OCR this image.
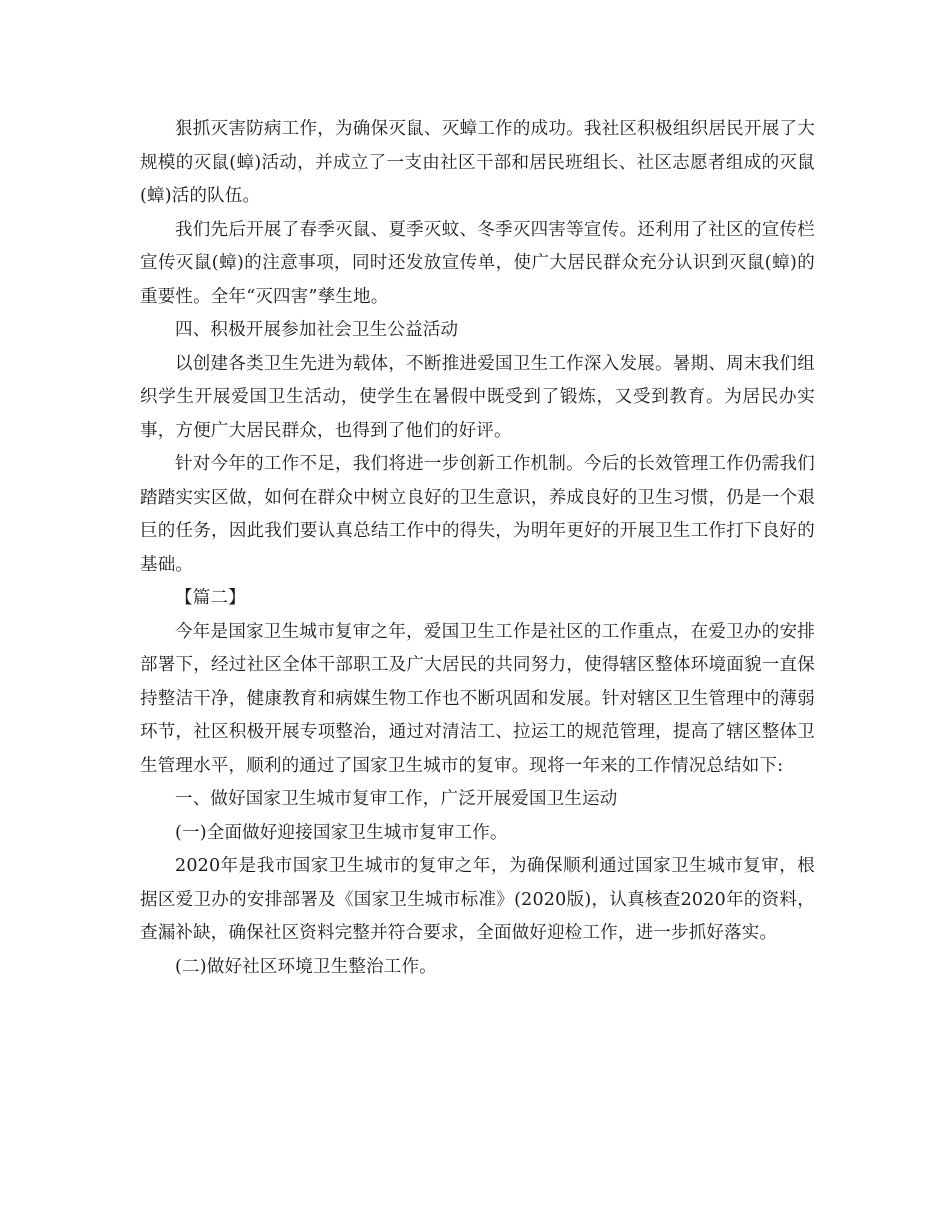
狠抓灭害防病工作，为确保灭鼠、灭蟑工作的成功。我社区积极组织居民开展了大规模的灭鼠(蟑)活动，并成立了一支由社区干部和居民班组长、社区志愿者组成的灭鼠(蟑)活的队伍。

我们先后开展了春季灭鼠、夏季灭蚊、冬季灭四害等宣传。还利用了社区的宣传栏宣传灭鼠(蟑)的注意事项，同时还发放宣传单，使广大居民群众充分认识到灭鼠(蟑)的重要性。全年“灭四害”孳生地。

四、积极开展参加社会卫生公益活动

以创建各类卫生先进为载体，不断推进爱国卫生工作深入发展。暑期、周末我们组织学生开展爱国卫生活动，使学生在暑假中既受到了锻炼，又受到教育。为居民办实事，方便广大居民群众，也得到了他们的好评。

针对今年的工作不足，我们将进一步创新工作机制。今后的长效管理工作仍需我们踏踏实实区做，如何在群众中树立良好的卫生意识，养成良好的卫生习惯，仍是一个艰巨的任务，因此我们要认真总结工作中的得失，为明年更好的开展卫生工作打下良好的基础。

【篇二】

今年是国家卫生城市复审之年，爱国卫生工作是社区的工作重点，在爱卫办的安排部署下，经过社区全体干部职工及广大居民的共同努力，使得辖区整体环境面貌一直保持整洁干净，健康教育和病媒生物工作也不断巩固和发展。针对辖区卫生管理中的薄弱环节，社区积极开展专项整治，通过对清洁工、拉运工的规范管理，提高了辖区整体卫生管理水平，顺利的通过了国家卫生城市的复审。现将一年来的工作情况总结如下:

一、做好国家卫生城市复审工作，广泛开展爱国卫生运动

(一)全面做好迎接国家卫生城市复审工作。

2020年是我市国家卫生城市的复审之年，为确保顺利通过国家卫生城市复审，根据区爱卫办的安排部署及《国家卫生城市标准》(2020版)，认真核查2020年的资料，查漏补缺，确保社区资料完整并符合要求，全面做好迎检工作，进一步抓好落实。

(二)做好社区环境卫生整治工作。
